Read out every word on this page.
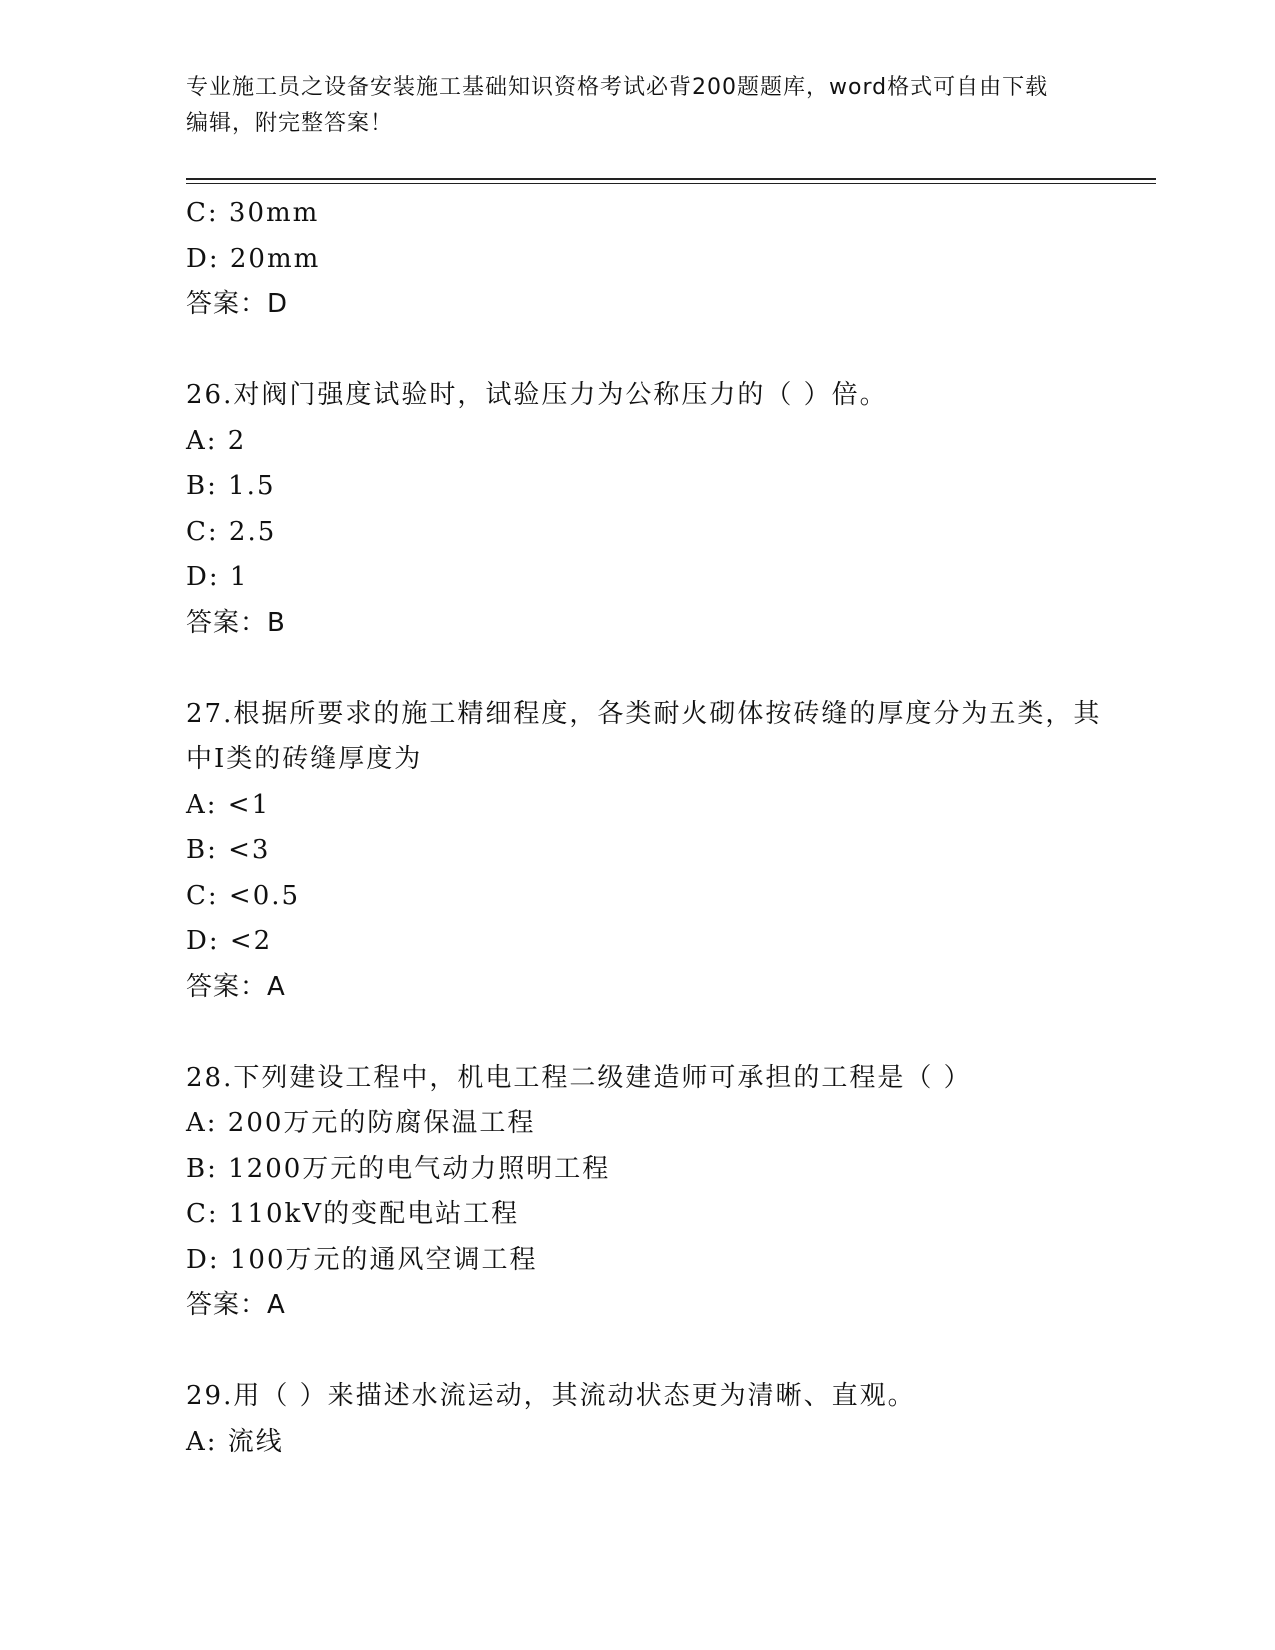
专业施工员之设备安装施工基础知识资格考试必背200题题库，word格式可自由下载编辑，附完整答案！
C: 30mm
D: 20mm
答案：D
26.对阀门强度试验时，试验压力为公称压力的（ ）倍。
A: 2
B: 1.5
C: 2.5
D: 1
答案：B
27.根据所要求的施工精细程度，各类耐火砌体按砖缝的厚度分为五类，其中Ⅰ类的砖缝厚度为
A: <1
B: <3
C: <0.5
D: <2
答案：A
28.下列建设工程中，机电工程二级建造师可承担的工程是（ ）
A: 200万元的防腐保温工程
B: 1200万元的电气动力照明工程
C: 110kV的变配电站工程
D: 100万元的通风空调工程
答案：A
29.用（ ）来描述水流运动，其流动状态更为清晰、直观。
A: 流线
